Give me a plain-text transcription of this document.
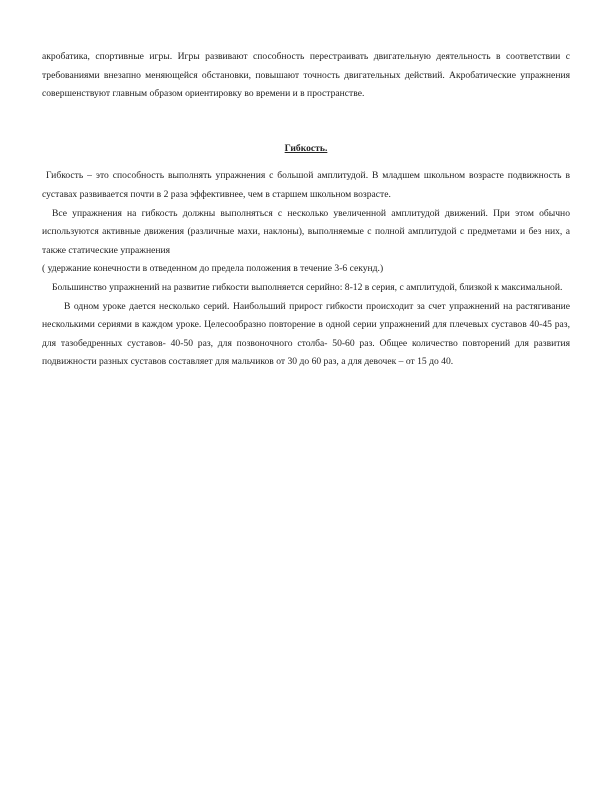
акробатика, спортивные игры. Игры развивают способность перестраивать двигательную деятельность в соответствии с требованиями внезапно меняющейся обстановки, повышают точность двигательных действий. Акробатические упражнения совершенствуют главным образом ориентировку во времени и в пространстве.

Гибкость.

Гибкость – это способность выполнять упражнения с большой амплитудой. В младшем школьном возрасте подвижность в суставах развивается почти в 2 раза эффективнее, чем в старшем школьном возрасте.

Все упражнения на гибкость должны выполняться с несколько увеличенной амплитудой движений. При этом обычно используются активные движения (различные махи, наклоны), выполняемые с полной амплитудой с предметами и без них, а также статические упражнения

( удержание конечности в отведенном до предела положения в течение 3-6 секунд.)

Большинство упражнений на развитие гибкости выполняется серийно: 8-12 в серия, с амплитудой, близкой к максимальной.

В одном уроке дается несколько серий. Наибольший прирост гибкости происходит за счет упражнений на растягивание несколькими сериями в каждом уроке. Целесообразно повторение в одной серии упражнений для плечевых суставов 40-45 раз, для тазобедренных суставов- 40-50 раз, для позвоночного столба- 50-60 раз. Общее количество повторений для развития подвижности разных суставов составляет для мальчиков от 30 до 60 раз, а для девочек – от 15 до 40.
